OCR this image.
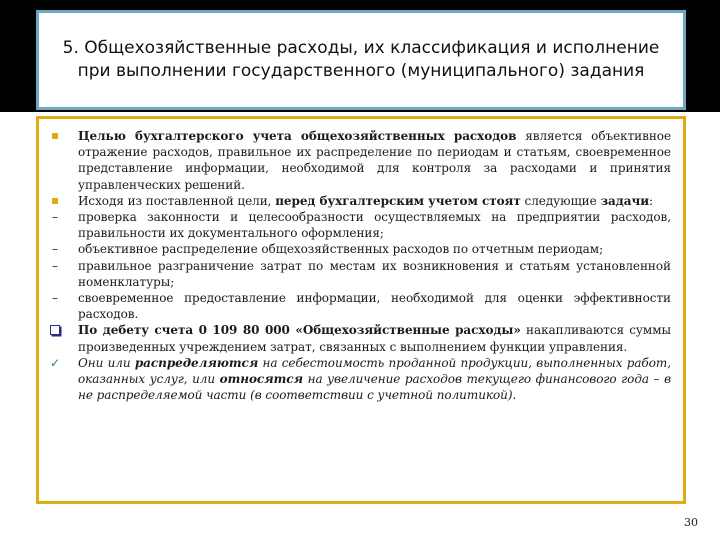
5. Общехозяйственные расходы, их классификация и исполнение при выполнении государственного (муниципального) задания

Целью бухгалтерского учета общехозяйственных расходов является объективное отражение расходов, правильное их распределение по периодам и статьям, своевременное представление информации, необходимой для контроля за расходами и принятия управленческих решений.

Исходя из поставленной цели, перед бухгалтерским учетом стоят следующие задачи:

– проверка законности и целесообразности осуществляемых на предприятии расходов, правильности их документального оформления;

– объективное распределение общехозяйственных расходов по отчетным периодам;

– правильное разграничение затрат по местам их возникновения и статьям установленной номенклатуры;

– своевременное предоставление информации, необходимой для оценки эффективности расходов.

По дебету счета 0 109 80 000 «Общехозяйственные расходы» накапливаются суммы произведенных учреждением затрат, связанных с выполнением функции управления.

✓ Они или распределяются на себестоимость проданной продукции, выполненных работ, оказанных услуг, или относятся на увеличение расходов текущего финансового года – в не распределяемой части (в соответствии с учетной политикой).

30
